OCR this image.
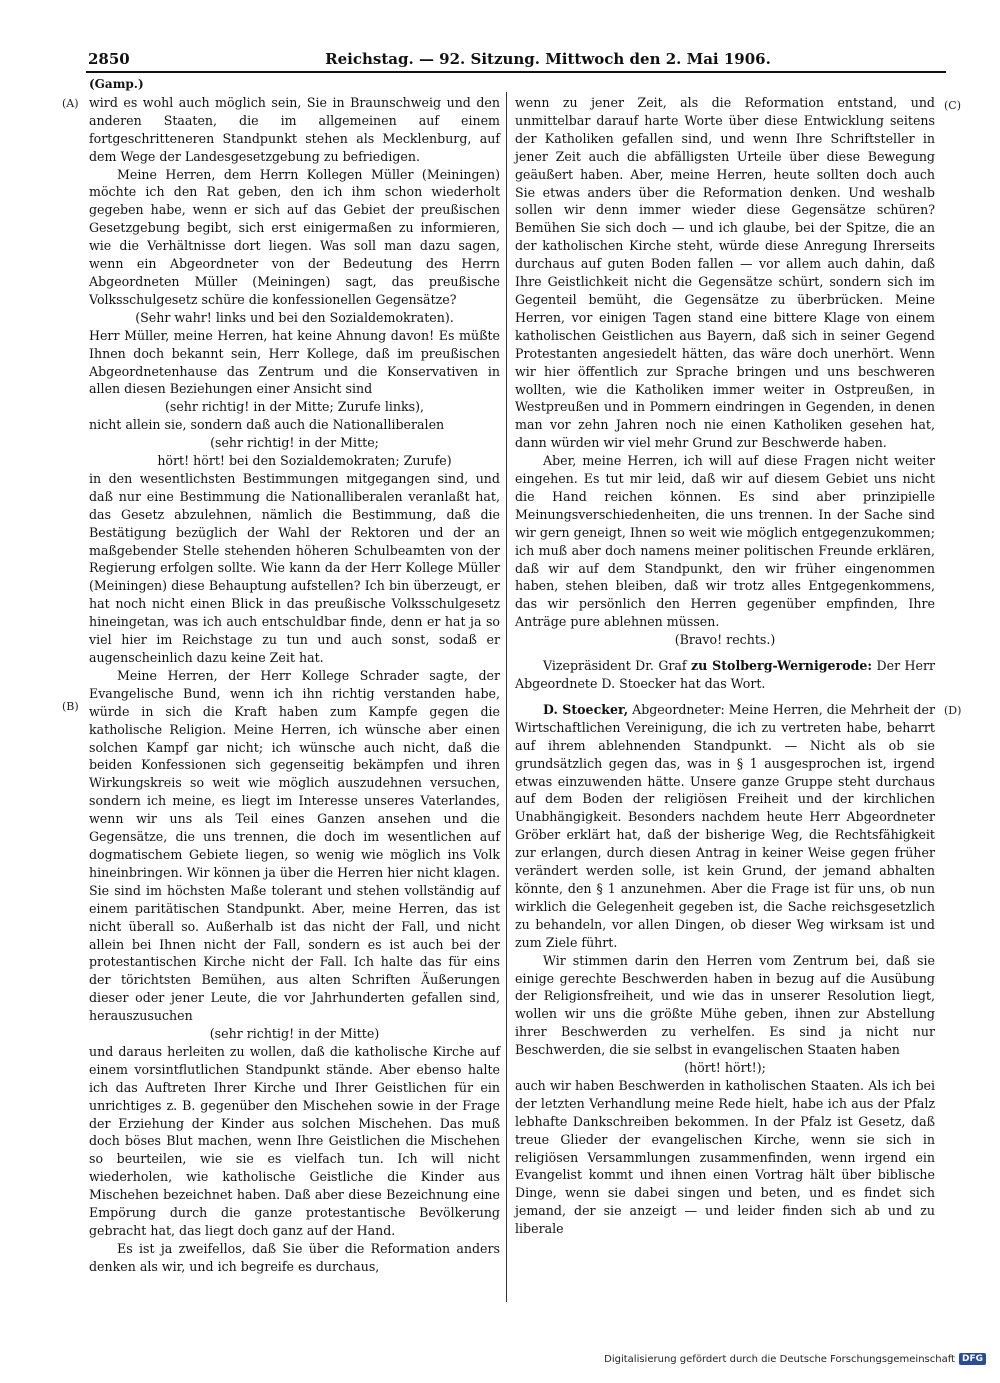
2850	Reichstag. — 92. Sitzung. Mittwoch den 2. Mai 1906.
(A)
(B)
(C)
(D)

(Gamp.)

wird es wohl auch möglich sein, Sie in Braunschweig und den anderen Staaten, die im allgemeinen auf einem fortgeschritteneren Standpunkt stehen als Mecklenburg, auf dem Wege der Landesgesetzgebung zu befriedigen.

Meine Herren, dem Herrn Kollegen Müller (Meiningen) möchte ich den Rat geben, den ich ihm schon wiederholt gegeben habe, wenn er sich auf das Gebiet der preußischen Gesetzgebung begibt, sich erst einigermaßen zu informieren, wie die Verhältnisse dort liegen. Was soll man dazu sagen, wenn ein Abgeordneter von der Bedeutung des Herrn Abgeordneten Müller (Meiningen) sagt, das preußische Volksschulgesetz schüre die konfessionellen Gegensätze?

(Sehr wahr! links und bei den Sozialdemokraten).

Herr Müller, meine Herren, hat keine Ahnung davon! Es müßte Ihnen doch bekannt sein, Herr Kollege, daß im preußischen Abgeordnetenhause das Zentrum und die Konservativen in allen diesen Beziehungen einer Ansicht sind

(sehr richtig! in der Mitte; Zurufe links),

nicht allein sie, sondern daß auch die Nationalliberalen

(sehr richtig! in der Mitte;

hört! hört! bei den Sozialdemokraten; Zurufe)

in den wesentlichsten Bestimmungen mitgegangen sind, und daß nur eine Bestimmung die Nationalliberalen veranlaßt hat, das Gesetz abzulehnen, nämlich die Bestimmung, daß die Bestätigung bezüglich der Wahl der Rektoren und der an maßgebender Stelle stehenden höheren Schulbeamten von der Regierung erfolgen sollte. Wie kann da der Herr Kollege Müller (Meiningen) diese Behauptung aufstellen? Ich bin überzeugt, er hat noch nicht einen Blick in das preußische Volksschulgesetz hineingetan, was ich auch entschuldbar finde, denn er hat ja so viel hier im Reichstage zu tun und auch sonst, sodaß er augenscheinlich dazu keine Zeit hat.

Meine Herren, der Herr Kollege Schrader sagte, der Evangelische Bund, wenn ich ihn richtig verstanden habe, würde in sich die Kraft haben zum Kampfe gegen die katholische Religion. Meine Herren, ich wünsche aber einen solchen Kampf gar nicht; ich wünsche auch nicht, daß die beiden Konfessionen sich gegenseitig bekämpfen und ihren Wirkungskreis so weit wie möglich auszudehnen versuchen, sondern ich meine, es liegt im Interesse unseres Vaterlandes, wenn wir uns als Teil eines Ganzen ansehen und die Gegensätze, die uns trennen, die doch im wesentlichen auf dogmatischem Gebiete liegen, so wenig wie möglich ins Volk hineinbringen. Wir können ja über die Herren hier nicht klagen. Sie sind im höchsten Maße tolerant und stehen vollständig auf einem paritätischen Standpunkt. Aber, meine Herren, das ist nicht überall so. Außerhalb ist das nicht der Fall, und nicht allein bei Ihnen nicht der Fall, sondern es ist auch bei der protestantischen Kirche nicht der Fall. Ich halte das für eins der törichtsten Bemühen, aus alten Schriften Äußerungen dieser oder jener Leute, die vor Jahrhunderten gefallen sind, herauszusuchen

(sehr richtig! in der Mitte)

und daraus herleiten zu wollen, daß die katholische Kirche auf einem vorsintflutlichen Standpunkt stände. Aber ebenso halte ich das Auftreten Ihrer Kirche und Ihrer Geistlichen für ein unrichtiges z. B. gegenüber den Mischehen sowie in der Frage der Erziehung der Kinder aus solchen Mischehen. Das muß doch böses Blut machen, wenn Ihre Geistlichen die Mischehen so beurteilen, wie sie es vielfach tun. Ich will nicht wiederholen, wie katholische Geistliche die Kinder aus Mischehen bezeichnet haben. Daß aber diese Bezeichnung eine Empörung durch die ganze protestantische Bevölkerung gebracht hat, das liegt doch ganz auf der Hand.

Es ist ja zweifellos, daß Sie über die Reformation anders denken als wir, und ich begreife es durchaus,

wenn zu jener Zeit, als die Reformation entstand, und unmittelbar darauf harte Worte über diese Entwicklung seitens der Katholiken gefallen sind, und wenn Ihre Schriftsteller in jener Zeit auch die abfälligsten Urteile über diese Bewegung geäußert haben. Aber, meine Herren, heute sollten doch auch Sie etwas anders über die Reformation denken. Und weshalb sollen wir denn immer wieder diese Gegensätze schüren? Bemühen Sie sich doch — und ich glaube, bei der Spitze, die an der katholischen Kirche steht, würde diese Anregung Ihrerseits durchaus auf guten Boden fallen — vor allem auch dahin, daß Ihre Geistlichkeit nicht die Gegensätze schürt, sondern sich im Gegenteil bemüht, die Gegensätze zu überbrücken. Meine Herren, vor einigen Tagen stand eine bittere Klage von einem katholischen Geistlichen aus Bayern, daß sich in seiner Gegend Protestanten angesiedelt hätten, das wäre doch unerhört. Wenn wir hier öffentlich zur Sprache bringen und uns beschweren wollten, wie die Katholiken immer weiter in Ostpreußen, in Westpreußen und in Pommern eindringen in Gegenden, in denen man vor zehn Jahren noch nie einen Katholiken gesehen hat, dann würden wir viel mehr Grund zur Beschwerde haben.

Aber, meine Herren, ich will auf diese Fragen nicht weiter eingehen. Es tut mir leid, daß wir auf diesem Gebiet uns nicht die Hand reichen können. Es sind aber prinzipielle Meinungsverschiedenheiten, die uns trennen. In der Sache sind wir gern geneigt, Ihnen so weit wie möglich entgegenzukommen; ich muß aber doch namens meiner politischen Freunde erklären, daß wir auf dem Standpunkt, den wir früher eingenommen haben, stehen bleiben, daß wir trotz alles Entgegenkommens, das wir persönlich den Herren gegenüber empfinden, Ihre Anträge pure ablehnen müssen.

(Bravo! rechts.)

Vizepräsident Dr. Graf zu Stolberg-Wernigerode: Der Herr Abgeordnete D. Stoecker hat das Wort.

D. Stoecker, Abgeordneter: Meine Herren, die Mehrheit der Wirtschaftlichen Vereinigung, die ich zu vertreten habe, beharrt auf ihrem ablehnenden Standpunkt. — Nicht als ob sie grundsätzlich gegen das, was in § 1 ausgesprochen ist, irgend etwas einzuwenden hätte. Unsere ganze Gruppe steht durchaus auf dem Boden der religiösen Freiheit und der kirchlichen Unabhängigkeit. Besonders nachdem heute Herr Abgeordneter Gröber erklärt hat, daß der bisherige Weg, die Rechtsfähigkeit zur erlangen, durch diesen Antrag in keiner Weise gegen früher verändert werden solle, ist kein Grund, der jemand abhalten könnte, den § 1 anzunehmen. Aber die Frage ist für uns, ob nun wirklich die Gelegenheit gegeben ist, die Sache reichsgesetzlich zu behandeln, vor allen Dingen, ob dieser Weg wirksam ist und zum Ziele führt.

Wir stimmen darin den Herren vom Zentrum bei, daß sie einige gerechte Beschwerden haben in bezug auf die Ausübung der Religionsfreiheit, und wie das in unserer Resolution liegt, wollen wir uns die größte Mühe geben, ihnen zur Abstellung ihrer Beschwerden zu verhelfen. Es sind ja nicht nur Beschwerden, die sie selbst in evangelischen Staaten haben

(hört! hört!);

auch wir haben Beschwerden in katholischen Staaten. Als ich bei der letzten Verhandlung meine Rede hielt, habe ich aus der Pfalz lebhafte Dankschreiben bekommen. In der Pfalz ist Gesetz, daß treue Glieder der evangelischen Kirche, wenn sie sich in religiösen Versammlungen zusammenfinden, wenn irgend ein Evangelist kommt und ihnen einen Vortrag hält über biblische Dinge, wenn sie dabei singen und beten, und es findet sich jemand, der sie anzeigt — und leider finden sich ab und zu liberale

Digitalisierung gefördert durch die Deutsche Forschungsgemeinschaft DFG
